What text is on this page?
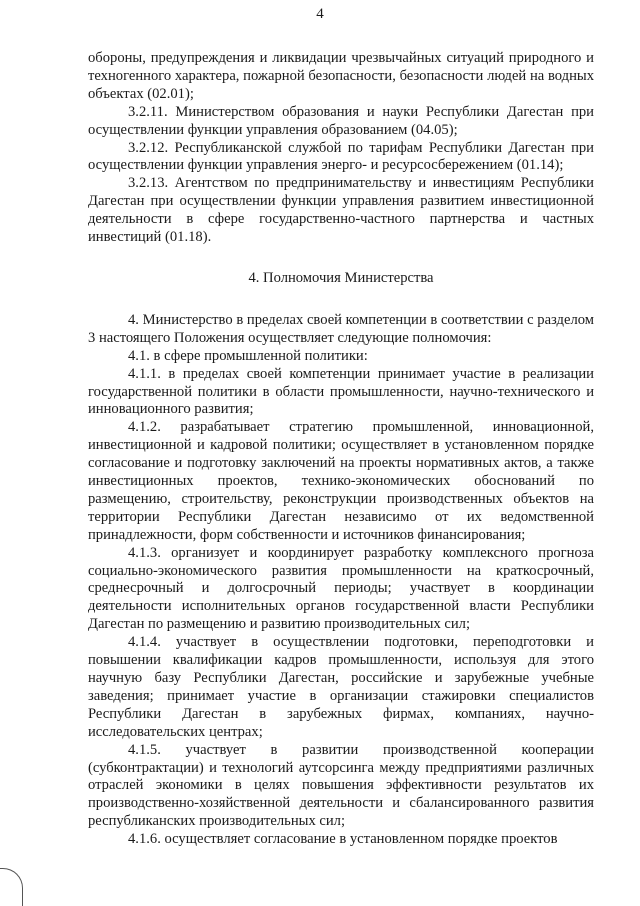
4

обороны, предупреждения и ликвидации чрезвычайных ситуаций природного и техногенного характера, пожарной безопасности, безопасности людей на водных объектах (02.01);

3.2.11. Министерством образования и науки Республики Дагестан при осуществлении функции управления образованием (04.05);

3.2.12. Республиканской службой по тарифам Республики Дагестан при осуществлении функции управления энерго- и ресурсосбережением (01.14);

3.2.13. Агентством по предпринимательству и инвестициям Республики Дагестан при осуществлении функции управления развитием инвестиционной деятельности в сфере государственно-частного партнерства и частных инвестиций (01.18).

4. Полномочия Министерства

4. Министерство в пределах своей компетенции в соответствии с разделом 3 настоящего Положения осуществляет следующие полномочия:

4.1. в сфере промышленной политики:

4.1.1. в пределах своей компетенции принимает участие в реализации государственной политики в области промышленности, научно-технического и инновационного развития;

4.1.2. разрабатывает стратегию промышленной, инновационной, инвестиционной и кадровой политики; осуществляет в установленном порядке согласование и подготовку заключений на проекты нормативных актов, а также инвестиционных проектов, технико-экономических обоснований по размещению, строительству, реконструкции производственных объектов на территории Республики Дагестан независимо от их ведомственной принадлежности, форм собственности и источников финансирования;

4.1.3. организует и координирует разработку комплексного прогноза социально-экономического развития промышленности на краткосрочный, среднесрочный и долгосрочный периоды; участвует в координации деятельности исполнительных органов государственной власти Республики Дагестан по размещению и развитию производительных сил;

4.1.4. участвует в осуществлении подготовки, переподготовки и повышении квалификации кадров промышленности, используя для этого научную базу Республики Дагестан, российские и зарубежные учебные заведения; принимает участие в организации стажировки специалистов Республики Дагестан в зарубежных фирмах, компаниях, научно-исследовательских центрах;

4.1.5. участвует в развитии производственной кооперации (субконтрактации) и технологий аутсорсинга между предприятиями различных отраслей экономики в целях повышения эффективности результатов их производственно-хозяйственной деятельности и сбалансированного развития республиканских производительных сил;

4.1.6. осуществляет согласование в установленном порядке проектов
